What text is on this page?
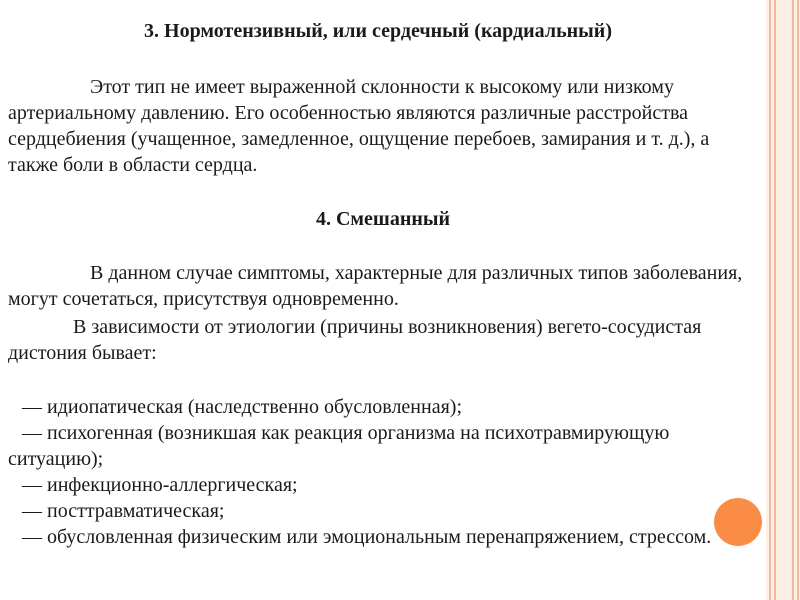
3. Нормотензивный, или сердечный (кардиальный)

Этот тип не имеет выраженной склонности к высокому или низкому артериальному давлению. Его особенностью являются различные расстройства сердцебиения (учащенное, замедленное, ощущение перебоев, замирания и т. д.), а также боли в области сердца.

4. Смешанный

В данном случае симптомы, характерные для различных типов заболевания, могут сочетаться, присутствуя одновременно.

В зависимости от этиологии (причины возникновения) вегето-сосудистая дистония бывает:

— идиопатическая (наследственно обусловленная);
— психогенная (возникшая как реакция организма на психотравмирующую ситуацию);
— инфекционно-аллергическая;
— посттравматическая;
— обусловленная физическим или эмоциональным перенапряжением, стрессом.
